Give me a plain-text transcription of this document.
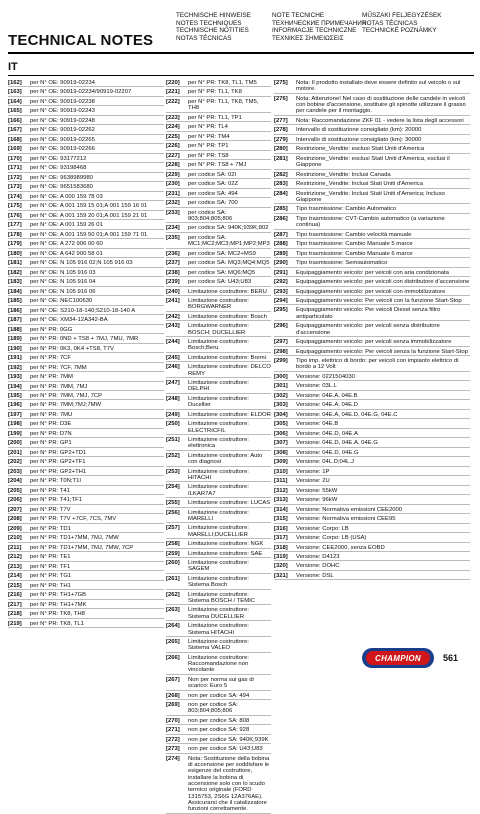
TECHNICAL NOTES
TECHNISCHE HINWEISE
NOTES TECHNIQUES
TECHNISCHE NOTITIES
NOTAS TÉCNICAS
NOTE TECNICHE
ТЕХНИЧЕСКИЕ ПРИМЕЧАНИЯ
INFORMACJE TECHNICZNE
ΤΕΧΝΙΚΕΣ ΣΗΜΕΙΩΣΕΙΣ
MŰSZAKI FELJEGYZÉSEK
NOTAS TÉCNICAS
TECHNICKÉ POZNÁMKY
IT
[162] per N° OE: 90919-02234
[163] per N° OE: 90919-02234/90919-02207
[164] per N° OE: 90919-02238
[165] per N° OE: 90919-02243
[166] per N° OE: 90919-02248
[167] per N° OE: 90919-02262
[168] per N° OE: 90919-02265
[169] per N° OE: 90919-02266
[170] per N° OE: 93177212
[171] per N° OE: 93198468
[172] per N° OE: 9638989980
[173] per N° OE: 9651583680
[174] per N° OE: A 000 159 78 03
[175] per N° OE: A 001 159 15 01;A 001 159 16 01
[176] per N° OE: A 001 159 20 01;A 001 159 21 01
[177] per N° OE: A 001 159 26 01
[178] per N° OE: A 001 159 50 01;A 001 159 71 01
[179] per N° OE: A 272 906 00 60
[180] per N° OE: A 642 900 58 01
[181] per N° OE: N 105 916 02;N 105 916 03
[182] per N° OE: N 105 916 03
[183] per N° OE: N 105 916 04
[184] per N° OE: N 105 916 06
[185] per N° OE: NEC100630
[186] per N° OE: S210-18-140;S210-18-140 A
[187] per N° OE: XM34-12A342-BA
[188] per N° PR: 0GG
[189] per N° PR: 0ND + TS8 + 7MJ, 7MU, 7MR
[190] per N° PR: 0K3, 0K4 +TS8, T7V
[191] per N° PR: 7CF
[192] per N° PR: 7CF, 7MM
[193] per N° PR: 7MM
[194] per N° PR: 7MM, 7MJ
[195] per N° PR: 7MM, 7MJ, 7CP
[196] per N° PR: 7MM;7MJ;7MW
[197] per N° PR: 7MU
[198] per N° PR: D3E
[199] per N° PR: D7N
[200] per N° PR: GP1
[201] per N° PR: GP2+TD1
[202] per N° PR: GP2+TF1
[203] per N° PR: GP2+TH1
[204] per N° PR: T0N;T1I
[205] per N° PR: T41
[206] per N° PR: T41;TF1
[207] per N° PR: T7V
[208] per N° PR: T7V +7CF, 7CS, 7MV
[209] per N° PR: TD1
[210] per N° PR: TD1+7MM, 7MJ, 7MW
[211] per N° PR: TD1+7MM, 7MJ, 7MW, 7CP
[212] per N° PR: TE1
[213] per N° PR: TF1
[214] per N° PR: TG1
[215] per N° PR: TH1
[216] per N° PR: TH1+7GB
[217] per N° PR: TH1+7MK
[218] per N° PR: TK8, TH8
[219] per N° PR: TK8, TL1
[220] per N° PR: TK8, TL1, TM5
[221] per N° PR: TL1, TK8
[222] per N° PR: TL1, TK8, TM5, TH8
[223] per N° PR: TL1, TP1
[224] per N° PR: TL4
[225] per N° PR: TM4
[226] per N° PR: TP1
[227] per N° PR: TS8
[228] per N° PR: TS8 + 7MJ
[229] per codice SA: 02I
[230] per codice SA: 02Z
[231] per codice SA: 494
[232] per codice SA: 700
[233] per codice SA: 803;804;805;806
[234] per codice SA: 940K;939K;802
[235] per codice SA: MC1;MC2;MC3;MP1;MP2;MP3
[236] per codice SA: MC2+MS9
[237] per codice SA: MQ3;MQ4;MQ5
[238] per codice SA: MQ6;MQ5
[239] per codice SA: U43;U83
[240] Limitazione costruttore: BERU
[241] Limitazione costruttore: BORGWARNER
[242] Limitazione costruttore: Bosch
[243] Limitazione costruttore: BOSCH; DUCELLIER
[244] Limitazione costruttore: Bosch;Beru
[245] Limitazione costruttore: Bremi
[246] Limitazione costruttore: DELCO REMY
[247] Limitazione costruttore: DELPHI
[248] Limitazione costruttore: Ducellier
[249] Limitazione costruttore: ELDOR
[250] Limitazione costruttore: ELECTRICFIL
[251] Limitazione costruttore: elettronica
[252] Limitazione costruttore: Auto con diagnosi
[253] Limitazione costruttore: HITACHI
[254] Limitazione costruttore: ILKAR7A7
[255] Limitazione costruttore: LUCAS
[256] Limitazione costruttore: MARELLI
[257] Limitazione costruttore: MARELLI;DUCELLIER
[258] Limitazione costruttore: NGK
[259] Limitazione costruttore: SAE
[260] Limitazione costruttore: SAGEM
[261] Limitazione costruttore: Sistema Bosch
[262] Limitazione costruttore: Sistema BOSCH / TEMIC
[263] Limitazione costruttore: Sistema DUCELLIER
[264] Limitazione costruttore: Sistema HITACHI
[265] Limitazione costruttore: Sistema VALEO
[266] Limitazione costruttore: Raccomandazione non vincolante
[267] Non per norma sui gas di scarico: Euro 5
[268] non per codice SA: 494
[269] non per codice SA: 803;804;805;806
[270] non per codice SA: 808
[271] non per codice SA: 928
[272] non per codice SA: 940K;939K
[273] non per codice SA: U43;U83
[274] Nota: Sostituzione della bobina di accensione per soddisfare le esigenze del costruttore, installare la bobina di accensione solo con lo scudo termico originale (FORD 1315753, 2S6G 12A376AE). Assicurarsi che il catalizzatore funzioni correttamente.
[275] Nota: Il prodotto installato deve essere definito sul veicolo o sul motore.
[276] Nota: Attenzione! Nel caso di sostituzione delle candele in veicoli con bobine d'accensione, sostituire gli spinotte utilizzare il grasso per candele per il montaggio.
[277] Nota: Raccomandazione ZKF 01 - vedere la lista degli accessori
[278] Intervallo di sostituzione consigliato (km): 20000
[279] Intervallo di sostituzione consigliato (km): 30000
[280] Restrizione_Vendite: esclusi Stati Uniti d'America
[281] Restrizione_Vendite: esclusi Stati Uniti d'America, esclusi il Giappone
[282] Restrizione_Vendite: Inclusi Canada
[283] Restrizione_Vendite: Inclusi Stati Uniti d'America
[284] Restrizione_Vendite: Inclusi Stati Uniti d'America; Incluso Giappone
[285] Tipo trasmissione: Cambio Automatico
[286] Tipo trasmissione: CVT-Cambio automatico (a variazione continua)
[287] Tipo trasmissione: Cambio velocità manuale
[288] Tipo trasmissione: Cambio Manuale 5 marce
[289] Tipo trasmissione: Cambio Manuale 6 marce
[290] Tipo trasmissione: Semiautomatico
[291] Equipaggiamento veicolo: per veicoli con aria condizionata
[292] Equipaggiamento veicolo: per veicoli con distributore d'accensione
[293] Equipaggiamento veicolo: per veicoli con immobilizzatore
[294] Equipaggiamento veicolo: Per veicoli con la funzione Start-Stop
[295] Equipaggiamento veicolo: Per veicoli Diesel senza filtro antiparticolato
[296] Equipaggiamento veicolo: per veicoli senza distributore d'accensione
[297] Equipaggiamento veicolo: per veicoli senza immobilizzatore
[298] Equipaggiamento veicolo: Per veicoli senza la funzione Start-Stop
[299] Tipo imp. elettrico di bordo: per veicoli con impianto elettrico di bordo a 12 Volt
[300] Versione: 0221504030
[301] Versione: 03L.L
[302] Versione: 04E.A, 04E.B
[303] Versione: 04E.A, 04E.D
[304] Versione: 04E.A, 04E.D, 04E.G, 04E.C
[305] Versione: 04E.B
[306] Versione: 04E.D, 04E.A
[307] Versione: 04E.D, 04E.A, 04E.G
[308] Versione: 04E.D, 04E.G
[309] Versione: 04L.D;04L.J
[310] Versione: 1P
[311] Versione: 2U
[312] Versione: 55kW
[313] Versione: 96kW
[314] Versione: Normativa emissioni CEE2000
[315] Versione: Normativa emissioni CEE95
[316] Versione: Corpo: LB
[317] Versione: Corpo: LB (USA)
[318] Versione: CEE2000, senza EOBD
[319] Versione: D4123
[320] Versione: DOHC
[321] Versione: DSL
CHAMPION 561
